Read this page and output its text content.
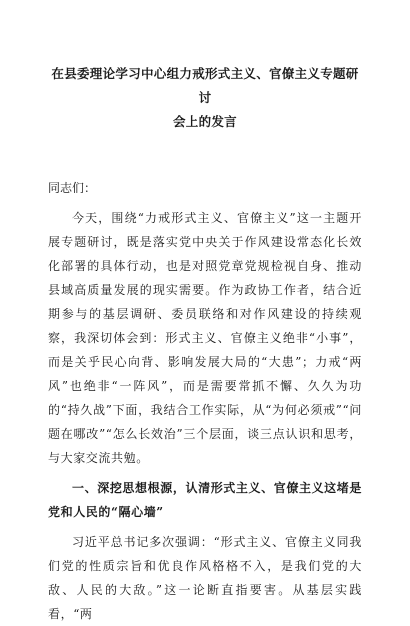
在县委理论学习中心组力戒形式主义、官僚主义专题研讨
会上的发言

同志们：

今天，围绕“力戒形式主义、官僚主义”这一主题开展专题研讨，既是落实党中央关于作风建设常态化长效化部署的具体行动，也是对照党章党规检视自身、推动县域高质量发展的现实需要。作为政协工作者，结合近期参与的基层调研、委员联络和对作风建设的持续观察，我深切体会到：形式主义、官僚主义绝非“小事”，而是关乎民心向背、影响发展大局的“大患”；力戒“两风”也绝非“一阵风”，而是需要常抓不懈、久久为功的“持久战”下面，我结合工作实际，从“为何必须戒”“问题在哪改”“怎么长效治”三个层面，谈三点认识和思考，与大家交流共勉。

一、深挖思想根源，认清形式主义、官僚主义这堵是党和人民的“隔心墙”

习近平总书记多次强调：“形式主义、官僚主义同我们党的性质宗旨和优良作风格格不入，是我们党的大敌、人民的大敌。”这一论断直指要害。从基层实践看，“两
